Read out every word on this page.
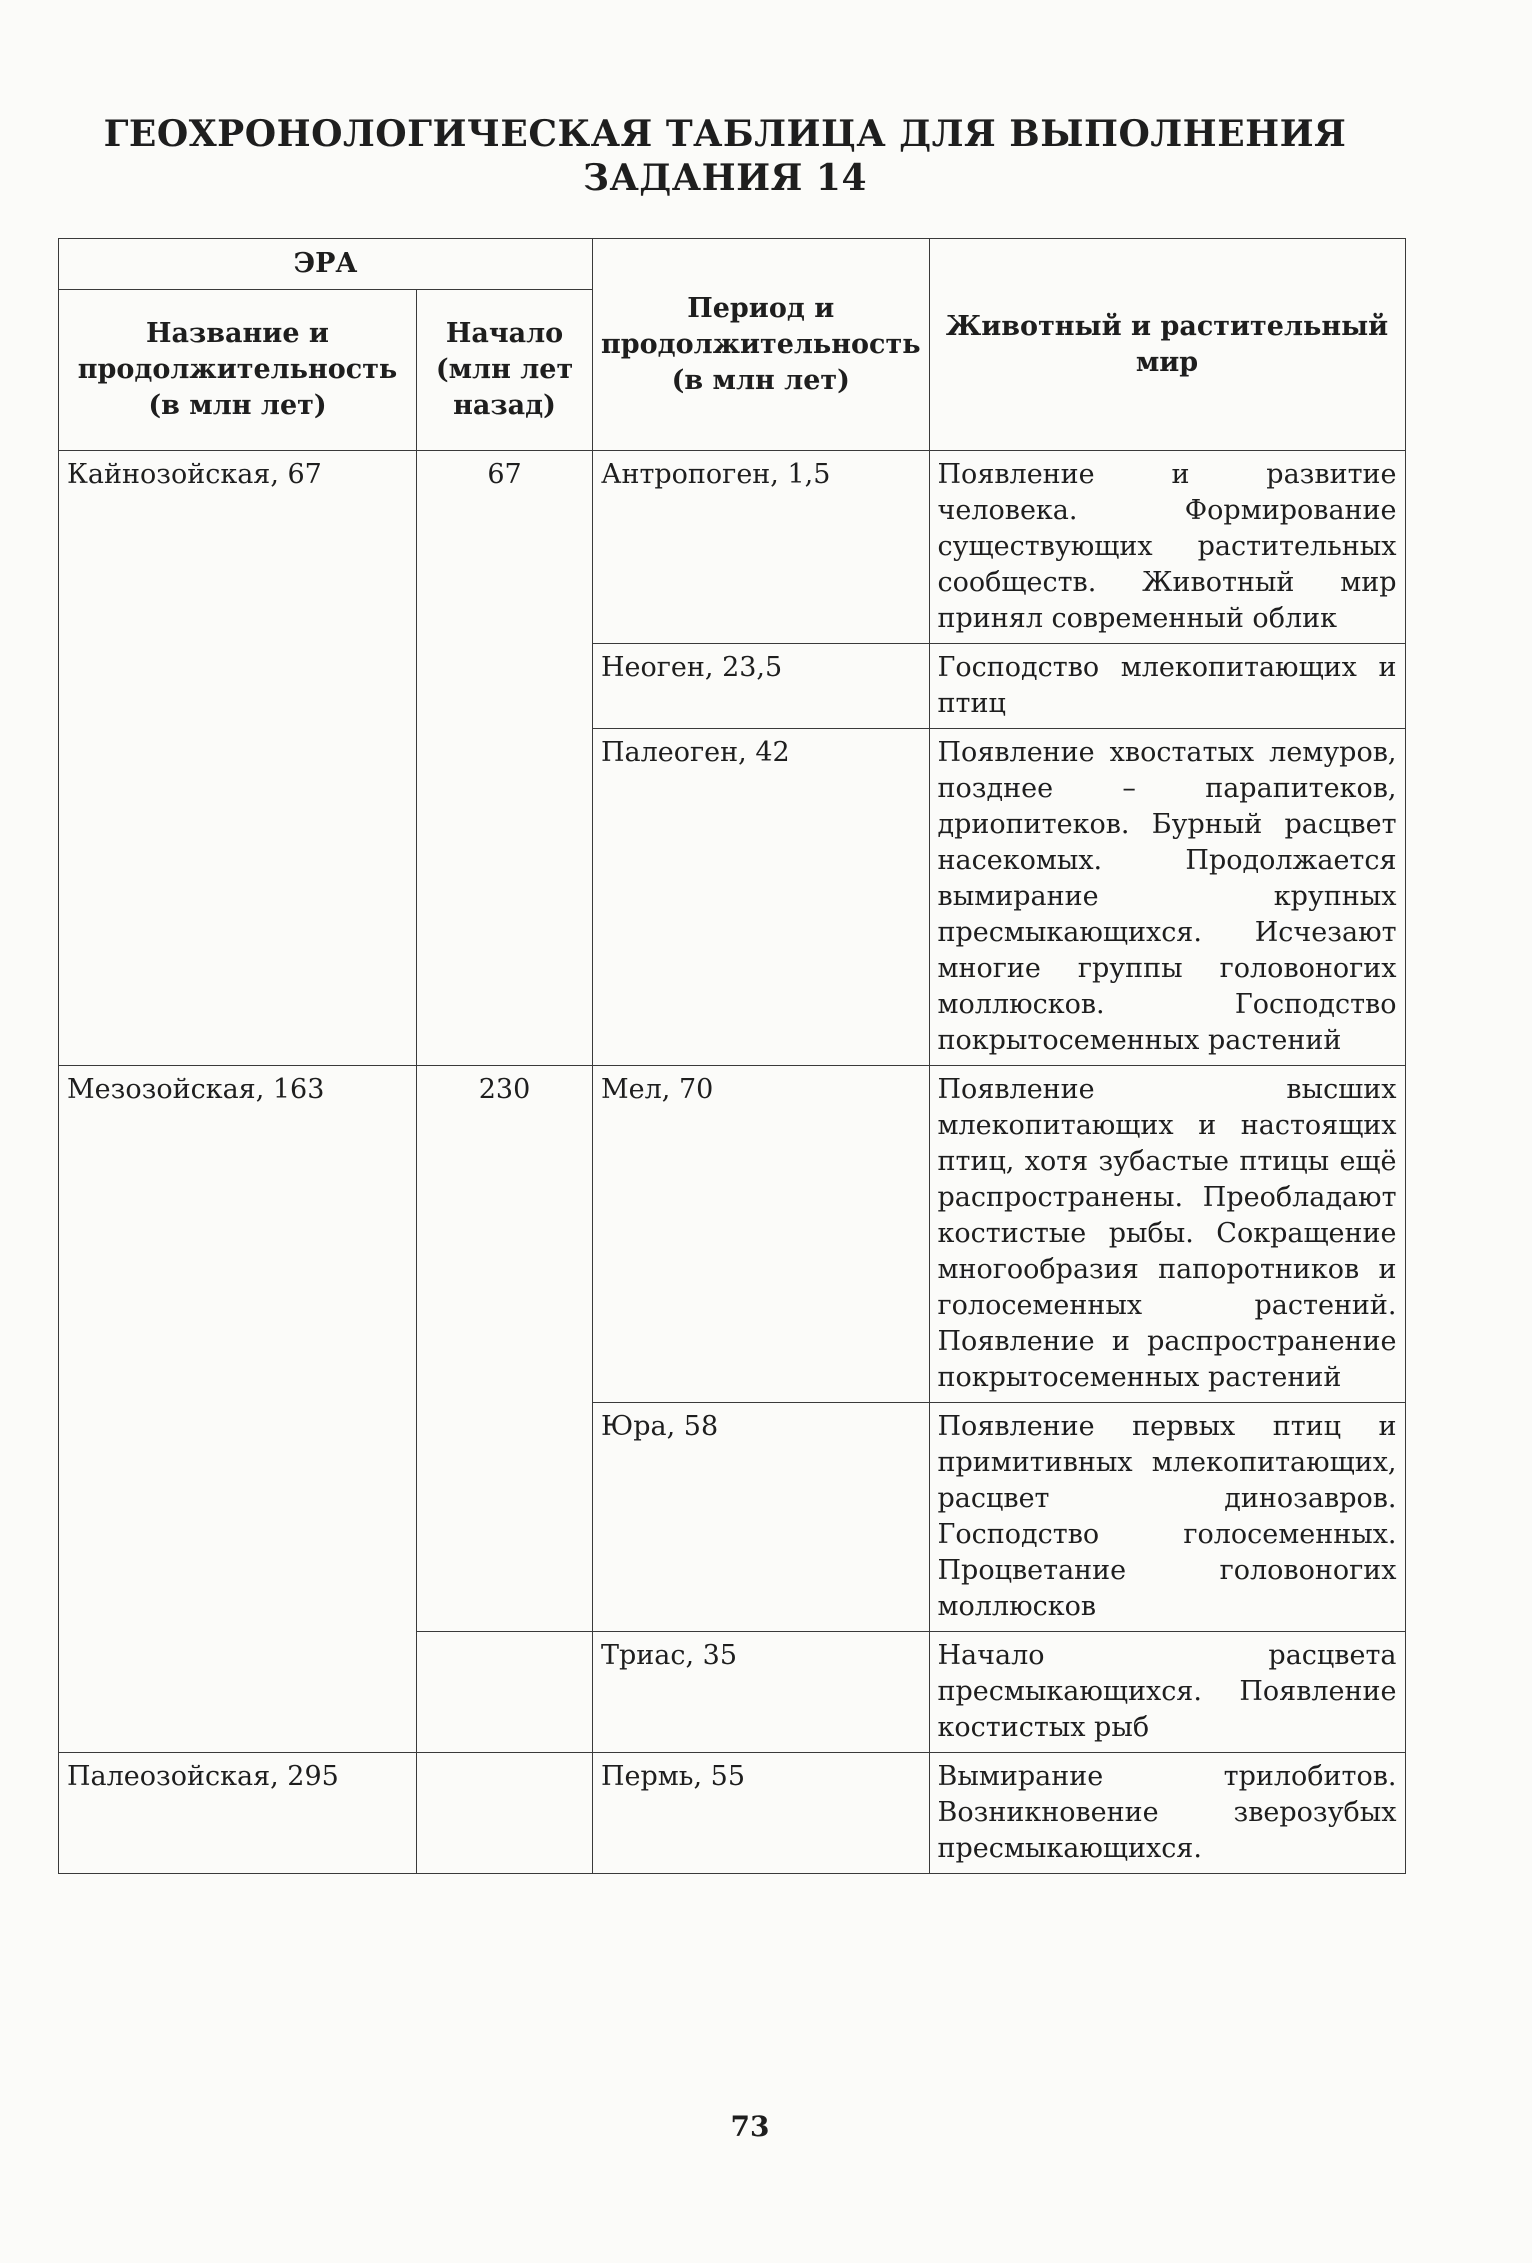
ГЕОХРОНОЛОГИЧЕСКАЯ ТАБЛИЦА ДЛЯ ВЫПОЛНЕНИЯ
ЗАДАНИЯ 14
ЭРА		Период и продолжительность (в млн лет)	Животный и растительный мир
Название и продолжительность (в млн лет)	Начало (млн лет назад)		
Кайнозойская, 67	67	Антропоген, 1,5	Появление и развитие человека. Формирование существующих растительных сообществ. Животный мир принял современный облик
		Неоген, 23,5	Господство млекопитающих и птиц
		Палеоген, 42	Появление хвостатых лемуров, позднее – парапитеков, дриопитеков. Бурный расцвет насекомых. Продолжается вымирание крупных пресмыкающихся. Исчезают многие группы головоногих моллюсков. Господство покрытосеменных растений
Мезозойская, 163	230	Мел, 70	Появление высших млекопитающих и настоящих птиц, хотя зубастые птицы ещё распространены. Преобладают костистые рыбы. Сокращение многообразия папоротников и голосеменных растений. Появление и распространение покрытосеменных растений
		Юра, 58	Появление первых птиц и примитивных млекопитающих, расцвет динозавров. Господство голосеменных. Процветание головоногих моллюсков
		Триас, 35	Начало расцвета пресмыкающихся. Появление костистых рыб
Палеозойская, 295		Пермь, 55	Вымирание трилобитов. Возникновение зверозубых пресмыкающихся.
73
